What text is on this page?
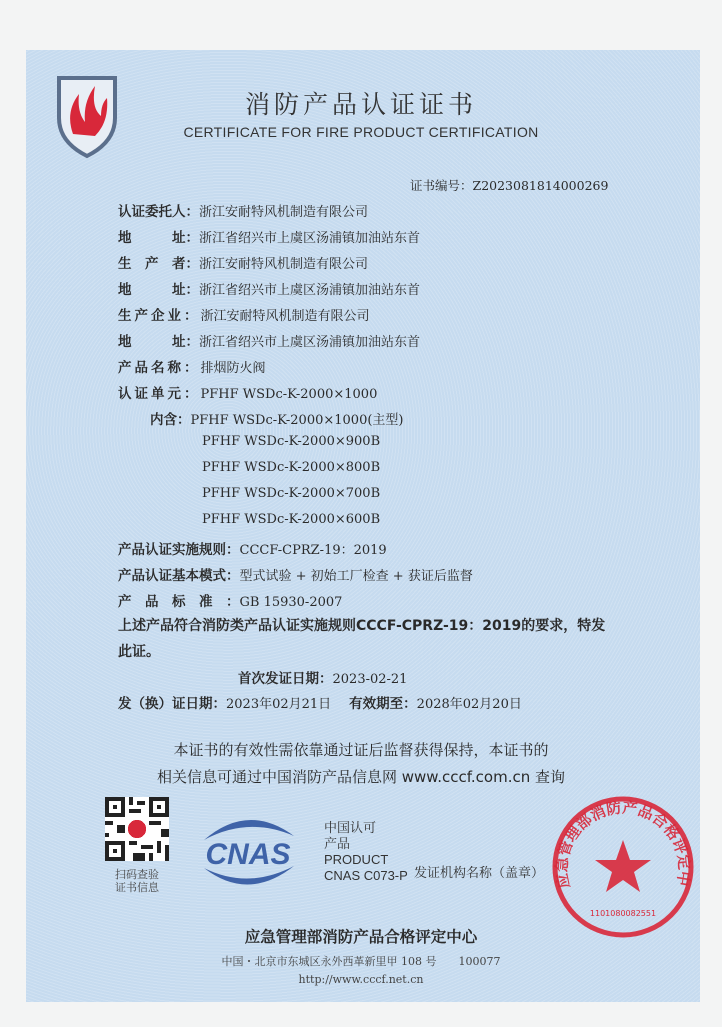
消防产品认证证书
CERTIFICATE FOR FIRE PRODUCT CERTIFICATION
证书编号：Z2023081814000269
认证委托人：浙江安耐特风机制造有限公司
地　　　址：浙江省绍兴市上虞区汤浦镇加油站东首
生　产　者：浙江安耐特风机制造有限公司
地　　　址：浙江省绍兴市上虞区汤浦镇加油站东首
生产企业：浙江安耐特风机制造有限公司
地　　　址：浙江省绍兴市上虞区汤浦镇加油站东首
产品名称：排烟防火阀
认证单元：PFHF WSDc-K-2000×1000
内含：PFHF WSDc-K-2000×1000(主型)
PFHF WSDc-K-2000×900B
PFHF WSDc-K-2000×800B
PFHF WSDc-K-2000×700B
PFHF WSDc-K-2000×600B
产品认证实施规则：CCCF-CPRZ-19：2019
产品认证基本模式：型式试验 + 初始工厂检查 + 获证后监督
产　品　标　准　：GB 15930-2007
上述产品符合消防类产品认证实施规则CCCF-CPRZ-19：2019的要求，特发
此证。
首次发证日期：2023-02-21
发（换）证日期：2023年02月21日 有效期至：2028年02月20日
本证书的有效性需依靠通过证后监督获得保持，本证书的
相关信息可通过中国消防产品信息网 www.cccf.com.cn 查询
扫码查验
证书信息
CNAS
中国认可
产品
PRODUCT
CNAS C073-P	应急管理部消防产品合格评定中
1101080082551
发证机构名称（盖章）
应急管理部消防产品合格评定中心
中国・北京市东城区永外西革新里甲 108 号　　100077
http://www.cccf.net.cn
